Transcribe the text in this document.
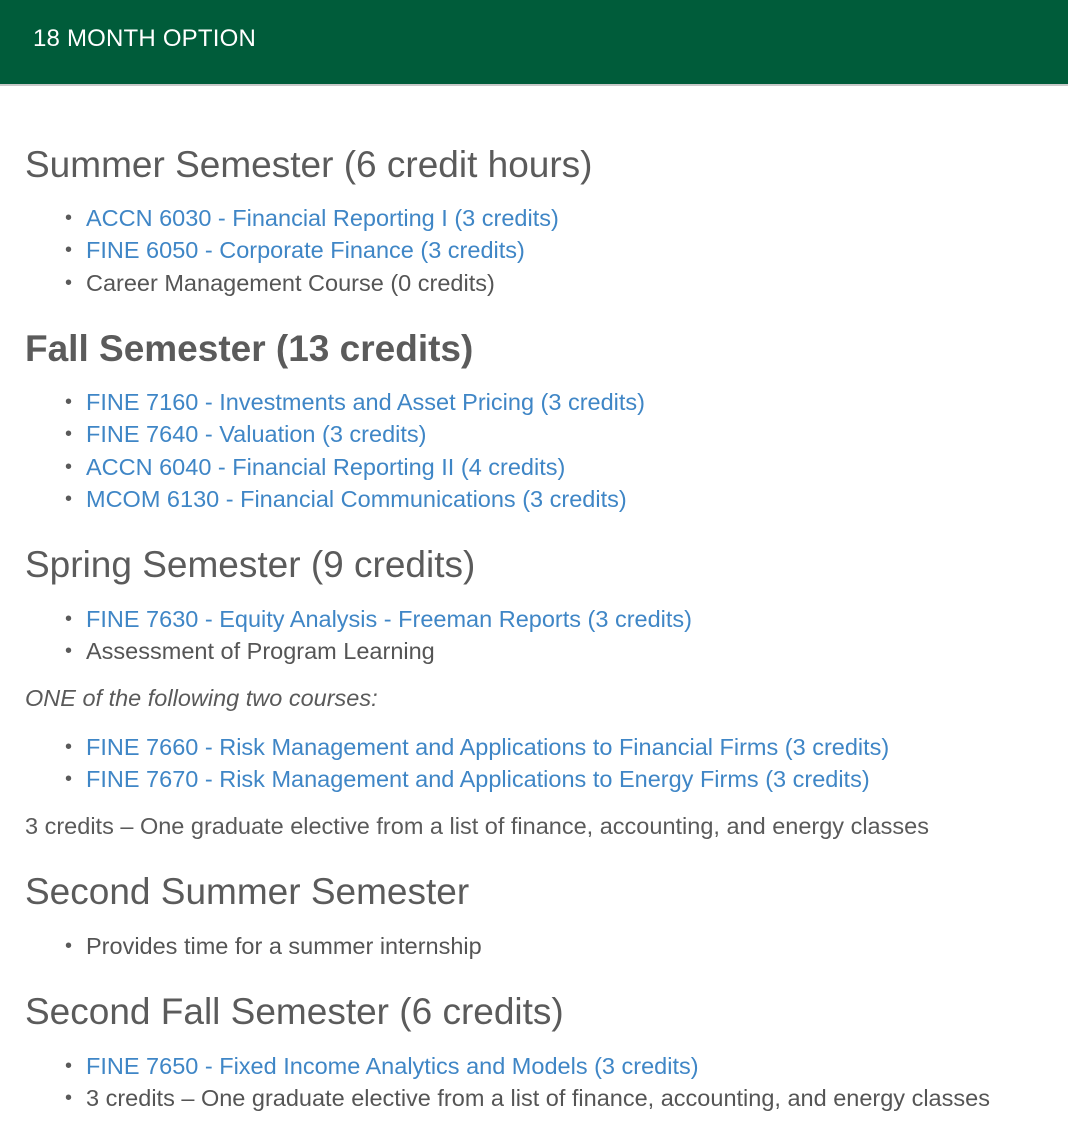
18 MONTH OPTION
Summer Semester (6 credit hours)
• ACCN 6030 - Financial Reporting I (3 credits)
• FINE 6050 - Corporate Finance (3 credits)
• Career Management Course (0 credits)
Fall Semester (13 credits)
• FINE 7160 - Investments and Asset Pricing (3 credits)
• FINE 7640 - Valuation (3 credits)
• ACCN 6040 - Financial Reporting II (4 credits)
• MCOM 6130 - Financial Communications (3 credits)
Spring Semester (9 credits)
• FINE 7630 - Equity Analysis - Freeman Reports (3 credits)
• Assessment of Program Learning
ONE of the following two courses:
• FINE 7660 - Risk Management and Applications to Financial Firms (3 credits)
• FINE 7670 - Risk Management and Applications to Energy Firms (3 credits)
3 credits – One graduate elective from a list of finance, accounting, and energy classes
Second Summer Semester
• Provides time for a summer internship
Second Fall Semester (6 credits)
• FINE 7650 - Fixed Income Analytics and Models (3 credits)
• 3 credits – One graduate elective from a list of finance, accounting, and energy classes
